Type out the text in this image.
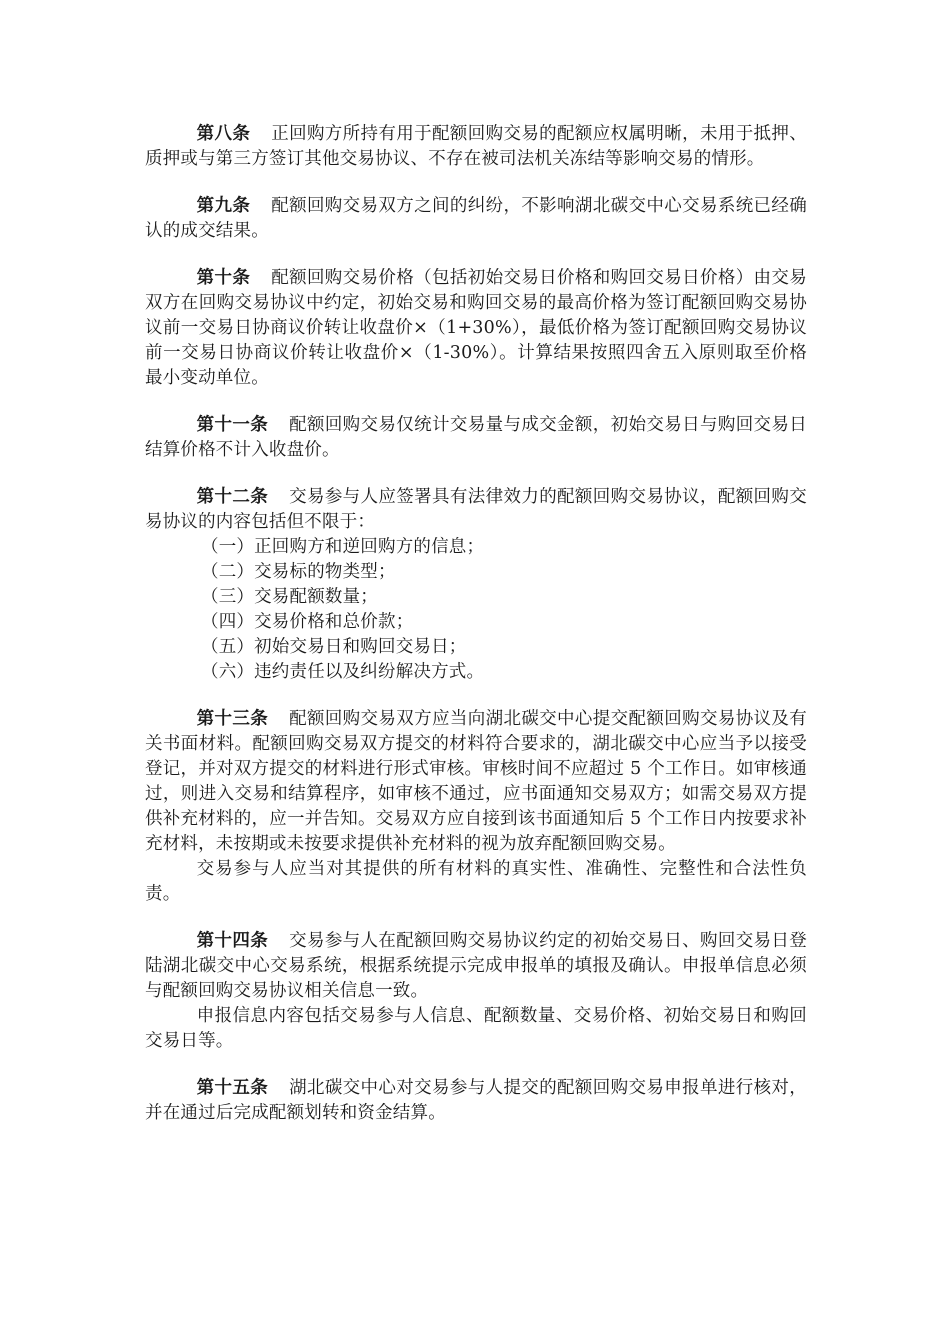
第八条 正回购方所持有用于配额回购交易的配额应权属明晰，未用于抵押、质押或与第三方签订其他交易协议、不存在被司法机关冻结等影响交易的情形。

第九条 配额回购交易双方之间的纠纷，不影响湖北碳交中心交易系统已经确认的成交结果。

第十条 配额回购交易价格（包括初始交易日价格和购回交易日价格）由交易双方在回购交易协议中约定，初始交易和购回交易的最高价格为签订配额回购交易协议前一交易日协商议价转让收盘价×（1+30%），最低价格为签订配额回购交易协议前一交易日协商议价转让收盘价×（1-30%）。计算结果按照四舍五入原则取至价格最小变动单位。

第十一条 配额回购交易仅统计交易量与成交金额，初始交易日与购回交易日结算价格不计入收盘价。

第十二条 交易参与人应签署具有法律效力的配额回购交易协议，配额回购交易协议的内容包括但不限于：

（一）正回购方和逆回购方的信息；

（二）交易标的物类型；

（三）交易配额数量；

（四）交易价格和总价款；

（五）初始交易日和购回交易日；

（六）违约责任以及纠纷解决方式。

第十三条 配额回购交易双方应当向湖北碳交中心提交配额回购交易协议及有关书面材料。配额回购交易双方提交的材料符合要求的，湖北碳交中心应当予以接受登记，并对双方提交的材料进行形式审核。审核时间不应超过 5 个工作日。如审核通过，则进入交易和结算程序，如审核不通过，应书面通知交易双方；如需交易双方提供补充材料的，应一并告知。交易双方应自接到该书面通知后 5 个工作日内按要求补充材料，未按期或未按要求提供补充材料的视为放弃配额回购交易。

交易参与人应当对其提供的所有材料的真实性、准确性、完整性和合法性负责。

第十四条 交易参与人在配额回购交易协议约定的初始交易日、购回交易日登陆湖北碳交中心交易系统，根据系统提示完成申报单的填报及确认。申报单信息必须与配额回购交易协议相关信息一致。

申报信息内容包括交易参与人信息、配额数量、交易价格、初始交易日和购回交易日等。

第十五条 湖北碳交中心对交易参与人提交的配额回购交易申报单进行核对，并在通过后完成配额划转和资金结算。
